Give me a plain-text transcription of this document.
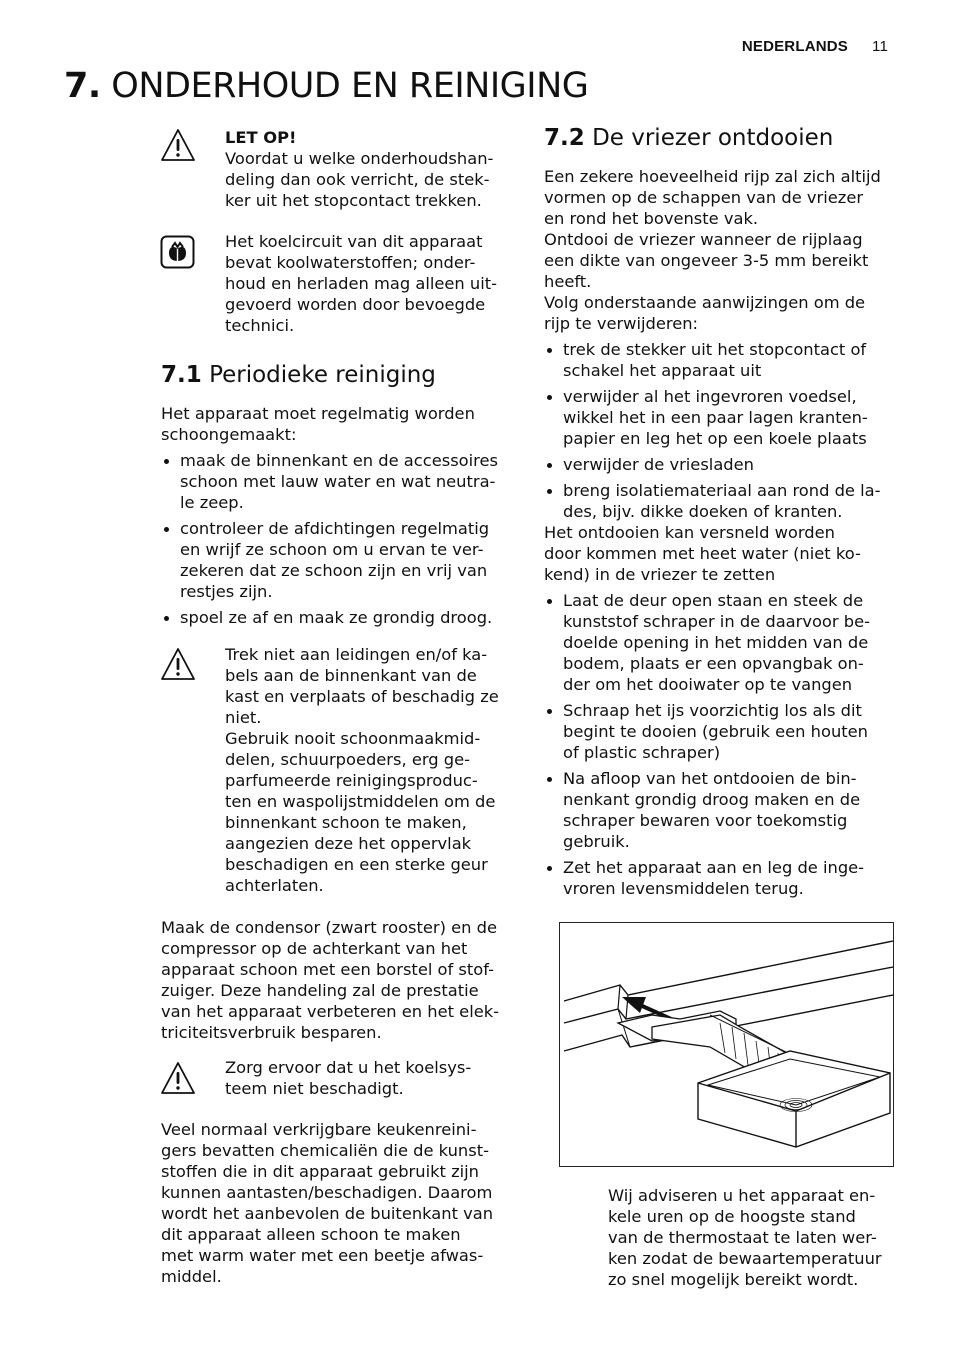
NEDERLANDS 11
7. ONDERHOUD EN REINIGING
LET OP!

Voordat u welke onderhoudshan-
deling dan ook verricht, de stek-
ker uit het stopcontact trekken.

Het koelcircuit van dit apparaat
bevat koolwaterstoffen; onder-
houd en herladen mag alleen uit-
gevoerd worden door bevoegde
technici.

7.1 Periodieke reiniging

Het apparaat moet regelmatig worden
schoongemaakt:

maak de binnenkant en de accessoires
schoon met lauw water en wat neutra-
le zeep.
controleer de afdichtingen regelmatig
en wrijf ze schoon om u ervan te ver-
zekeren dat ze schoon zijn en vrij van
restjes zijn.
spoel ze af en maak ze grondig droog.

Trek niet aan leidingen en/of ka-
bels aan de binnenkant van de
kast en verplaats of beschadig ze
niet.
Gebruik nooit schoonmaakmid-
delen, schuurpoeders, erg ge-
parfumeerde reinigingsproduc-
ten en waspolijstmiddelen om de
binnenkant schoon te maken,
aangezien deze het oppervlak
beschadigen en een sterke geur
achterlaten.

Maak de condensor (zwart rooster) en de
compressor op de achterkant van het
apparaat schoon met een borstel of stof-
zuiger. Deze handeling zal de prestatie
van het apparaat verbeteren en het elek-
triciteitsverbruik besparen.

Zorg ervoor dat u het koelsys-
teem niet beschadigt.

Veel normaal verkrijgbare keukenreini-
gers bevatten chemicaliën die de kunst-
stoffen die in dit apparaat gebruikt zijn
kunnen aantasten/beschadigen. Daarom
wordt het aanbevolen de buitenkant van
dit apparaat alleen schoon te maken
met warm water met een beetje afwas-
middel.

7.2 De vriezer ontdooien

Een zekere hoeveelheid rijp zal zich altijd
vormen op de schappen van de vriezer
en rond het bovenste vak.
Ontdooi de vriezer wanneer de rijplaag
een dikte van ongeveer 3-5 mm bereikt
heeft.
Volg onderstaande aanwijzingen om de
rijp te verwijderen:

trek de stekker uit het stopcontact of
schakel het apparaat uit
verwijder al het ingevroren voedsel,
wikkel het in een paar lagen kranten-
papier en leg het op een koele plaats
verwijder de vriesladen
breng isolatiemateriaal aan rond de la-
des, bijv. dikke doeken of kranten.

Het ontdooien kan versneld worden
door kommen met heet water (niet ko-
kend) in de vriezer te zetten

Laat de deur open staan en steek de
kunststof schraper in de daarvoor be-
doelde opening in het midden van de
bodem, plaats er een opvangbak on-
der om het dooiwater op te vangen
Schraap het ijs voorzichtig los als dit
begint te dooien (gebruik een houten
of plastic schraper)
Na afloop van het ontdooien de bin-
nenkant grondig droog maken en de
schraper bewaren voor toekomstig
gebruik.
Zet het apparaat aan en leg de inge-
vroren levensmiddelen terug.

Wij adviseren u het apparaat en-
kele uren op de hoogste stand
van de thermostaat te laten wer-
ken zodat de bewaartemperatuur
zo snel mogelijk bereikt wordt.
